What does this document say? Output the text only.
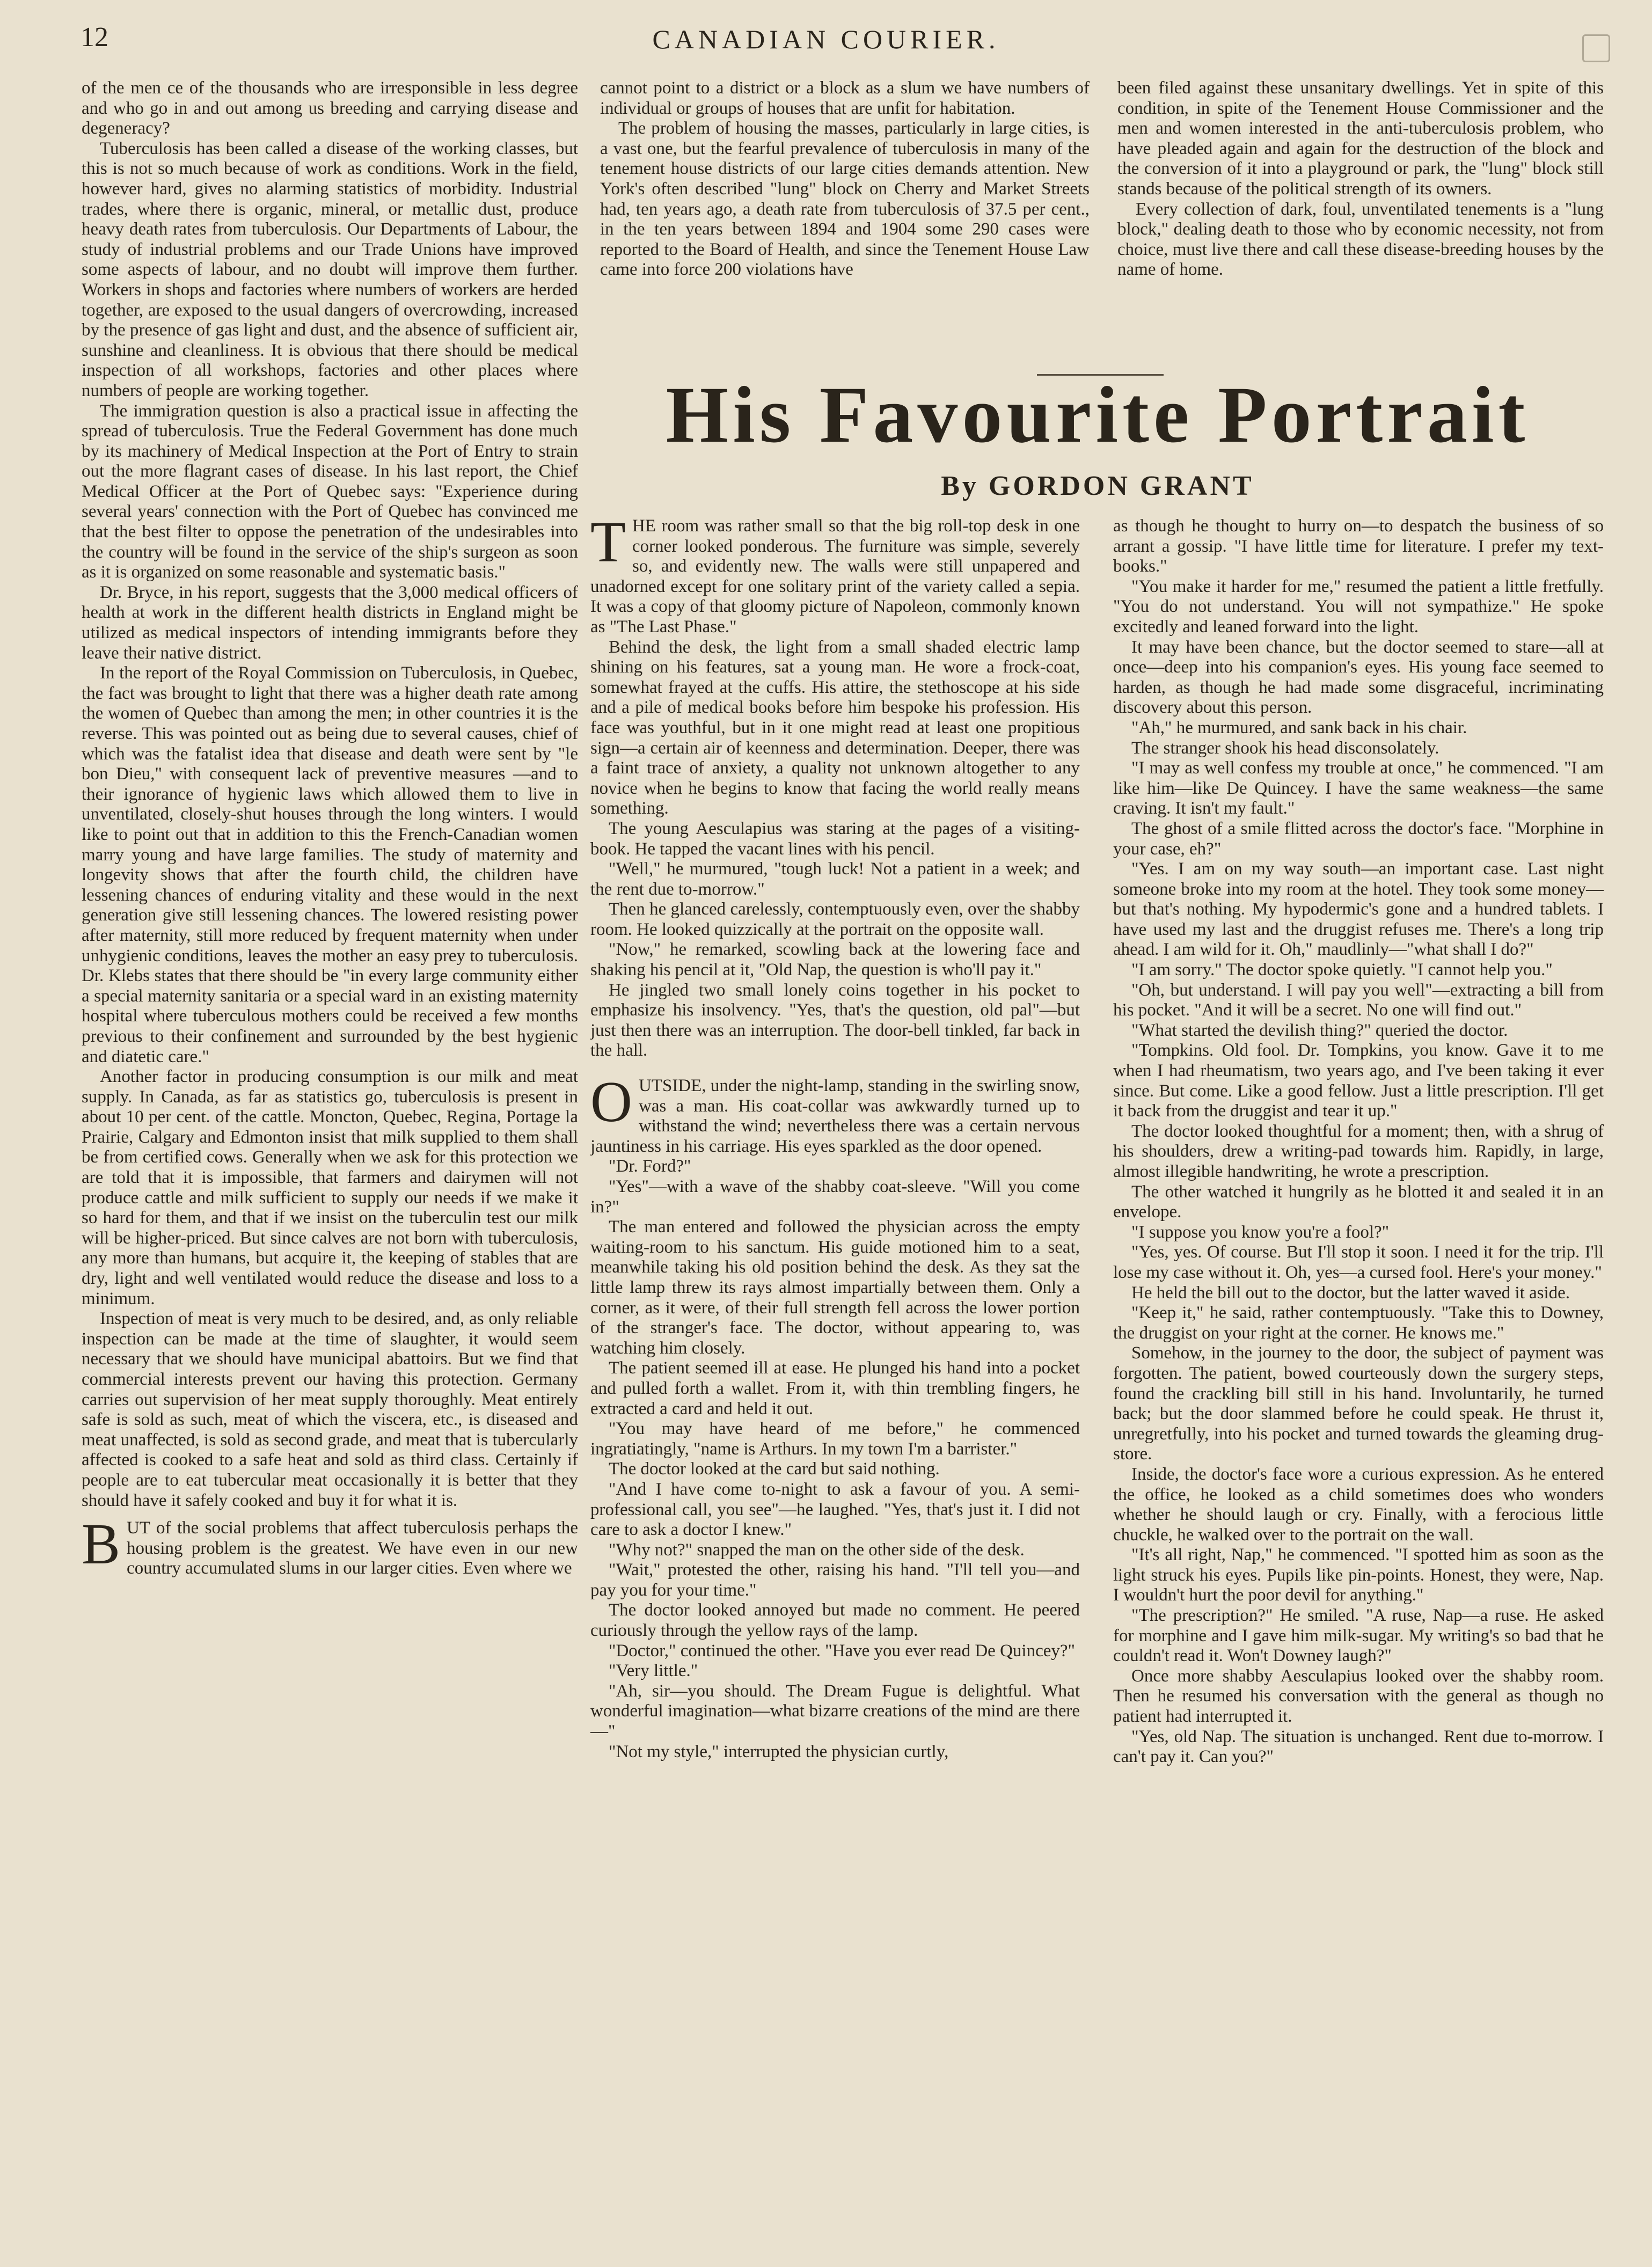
12	CANADIAN COURIER.

of the men ce of the thousands who are irresponsible in less degree and who go in and out among us breeding and carrying disease and degeneracy?

Tuberculosis has been called a disease of the working classes, but this is not so much because of work as conditions. Work in the field, however hard, gives no alarming statistics of morbidity. Industrial trades, where there is organic, mineral, or metallic dust, produce heavy death rates from tuberculosis. Our Departments of Labour, the study of industrial problems and our Trade Unions have improved some aspects of labour, and no doubt will improve them further. Workers in shops and factories where numbers of workers are herded together, are exposed to the usual dangers of overcrowding, increased by the presence of gas light and dust, and the absence of sufficient air, sunshine and cleanliness. It is obvious that there should be medical inspection of all workshops, factories and other places where numbers of people are working together.

The immigration question is also a practical issue in affecting the spread of tuberculosis. True the Federal Government has done much by its machinery of Medical Inspection at the Port of Entry to strain out the more flagrant cases of disease. In his last report, the Chief Medical Officer at the Port of Quebec says: "Experience during several years' connection with the Port of Quebec has convinced me that the best filter to oppose the penetration of the undesirables into the country will be found in the service of the ship's surgeon as soon as it is organized on some reasonable and systematic basis."

Dr. Bryce, in his report, suggests that the 3,000 medical officers of health at work in the different health districts in England might be utilized as medical inspectors of intending immigrants before they leave their native district.

In the report of the Royal Commission on Tuberculosis, in Quebec, the fact was brought to light that there was a higher death rate among the women of Quebec than among the men; in other countries it is the reverse. This was pointed out as being due to several causes, chief of which was the fatalist idea that disease and death were sent by "le bon Dieu," with consequent lack of preventive measures —and to their ignorance of hygienic laws which allowed them to live in unventilated, closely-shut houses through the long winters. I would like to point out that in addition to this the French-Canadian women marry young and have large families. The study of maternity and longevity shows that after the fourth child, the children have lessening chances of enduring vitality and these would in the next generation give still lessening chances. The lowered resisting power after maternity, still more reduced by frequent maternity when under unhygienic conditions, leaves the mother an easy prey to tuberculosis. Dr. Klebs states that there should be "in every large community either a special maternity sanitaria or a special ward in an existing maternity hospital where tuberculous mothers could be received a few months previous to their confinement and surrounded by the best hygienic and diatetic care."

Another factor in producing consumption is our milk and meat supply. In Canada, as far as statistics go, tuberculosis is present in about 10 per cent. of the cattle. Moncton, Quebec, Regina, Portage la Prairie, Calgary and Edmonton insist that milk supplied to them shall be from certified cows. Generally when we ask for this protection we are told that it is impossible, that farmers and dairymen will not produce cattle and milk sufficient to supply our needs if we make it so hard for them, and that if we insist on the tuberculin test our milk will be higher-priced. But since calves are not born with tuberculosis, any more than humans, but acquire it, the keeping of stables that are dry, light and well ventilated would reduce the disease and loss to a minimum.

Inspection of meat is very much to be desired, and, as only reliable inspection can be made at the time of slaughter, it would seem necessary that we should have municipal abattoirs. But we find that commercial interests prevent our having this protection. Germany carries out supervision of her meat supply thoroughly. Meat entirely safe is sold as such, meat of which the viscera, etc., is diseased and meat unaffected, is sold as second grade, and meat that is tubercularly affected is cooked to a safe heat and sold as third class. Certainly if people are to eat tubercular meat occasionally it is better that they should have it safely cooked and buy it for what it is.

BUT of the social problems that affect tuberculosis perhaps the housing problem is the greatest. We have even in our new country accumulated slums in our larger cities. Even where we

cannot point to a district or a block as a slum we have numbers of individual or groups of houses that are unfit for habitation.

The problem of housing the masses, particularly in large cities, is a vast one, but the fearful prevalence of tuberculosis in many of the tenement house districts of our large cities demands attention. New York's often described "lung" block on Cherry and Market Streets had, ten years ago, a death rate from tuberculosis of 37.5 per cent., in the ten years between 1894 and 1904 some 290 cases were reported to the Board of Health, and since the Tenement House Law came into force 200 violations have

been filed against these unsanitary dwellings. Yet in spite of this condition, in spite of the Tenement House Commissioner and the men and women interested in the anti-tuberculosis problem, who have pleaded again and again for the destruction of the block and the conversion of it into a playground or park, the "lung" block still stands because of the political strength of its owners.

Every collection of dark, foul, unventilated tenements is a "lung block," dealing death to those who by economic necessity, not from choice, must live there and call these disease-breeding houses by the name of home.

His Favourite Portrait
By GORDON GRANT

THE room was rather small so that the big roll-top desk in one corner looked ponderous. The furniture was simple, severely so, and evidently new. The walls were still unpapered and unadorned except for one solitary print of the variety called a sepia. It was a copy of that gloomy picture of Napoleon, commonly known as "The Last Phase."

Behind the desk, the light from a small shaded electric lamp shining on his features, sat a young man. He wore a frock-coat, somewhat frayed at the cuffs. His attire, the stethoscope at his side and a pile of medical books before him bespoke his profession. His face was youthful, but in it one might read at least one propitious sign—a certain air of keenness and determination. Deeper, there was a faint trace of anxiety, a quality not unknown altogether to any novice when he begins to know that facing the world really means something.

The young Aesculapius was staring at the pages of a visiting-book. He tapped the vacant lines with his pencil.

"Well," he murmured, "tough luck! Not a patient in a week; and the rent due to-morrow."

Then he glanced carelessly, contemptuously even, over the shabby room. He looked quizzically at the portrait on the opposite wall.

"Now," he remarked, scowling back at the lowering face and shaking his pencil at it, "Old Nap, the question is who'll pay it."

He jingled two small lonely coins together in his pocket to emphasize his insolvency. "Yes, that's the question, old pal"—but just then there was an interruption. The door-bell tinkled, far back in the hall.

OUTSIDE, under the night-lamp, standing in the swirling snow, was a man. His coat-collar was awkwardly turned up to withstand the wind; nevertheless there was a certain nervous jauntiness in his carriage. His eyes sparkled as the door opened.

"Dr. Ford?"

"Yes"—with a wave of the shabby coat-sleeve. "Will you come in?"

The man entered and followed the physician across the empty waiting-room to his sanctum. His guide motioned him to a seat, meanwhile taking his old position behind the desk. As they sat the little lamp threw its rays almost impartially between them. Only a corner, as it were, of their full strength fell across the lower portion of the stranger's face. The doctor, without appearing to, was watching him closely.

The patient seemed ill at ease. He plunged his hand into a pocket and pulled forth a wallet. From it, with thin trembling fingers, he extracted a card and held it out.

"You may have heard of me before," he commenced ingratiatingly, "name is Arthurs. In my town I'm a barrister."

The doctor looked at the card but said nothing.

"And I have come to-night to ask a favour of you. A semi-professional call, you see"—he laughed. "Yes, that's just it. I did not care to ask a doctor I knew."

"Why not?" snapped the man on the other side of the desk.

"Wait," protested the other, raising his hand. "I'll tell you—and pay you for your time."

The doctor looked annoyed but made no comment. He peered curiously through the yellow rays of the lamp.

"Doctor," continued the other. "Have you ever read De Quincey?"

"Very little."

"Ah, sir—you should. The Dream Fugue is delightful. What wonderful imagination—what bizarre creations of the mind are there—"

"Not my style," interrupted the physician curtly,

as though he thought to hurry on—to despatch the business of so arrant a gossip. "I have little time for literature. I prefer my text-books."

"You make it harder for me," resumed the patient a little fretfully. "You do not understand. You will not sympathize." He spoke excitedly and leaned forward into the light.

It may have been chance, but the doctor seemed to stare—all at once—deep into his companion's eyes. His young face seemed to harden, as though he had made some disgraceful, incriminating discovery about this person.

"Ah," he murmured, and sank back in his chair.

The stranger shook his head disconsolately.

"I may as well confess my trouble at once," he commenced. "I am like him—like De Quincey. I have the same weakness—the same craving. It isn't my fault."

The ghost of a smile flitted across the doctor's face. "Morphine in your case, eh?"

"Yes. I am on my way south—an important case. Last night someone broke into my room at the hotel. They took some money—but that's nothing. My hypodermic's gone and a hundred tablets. I have used my last and the druggist refuses me. There's a long trip ahead. I am wild for it. Oh," maudlinly—"what shall I do?"

"I am sorry." The doctor spoke quietly. "I cannot help you."

"Oh, but understand. I will pay you well"—extracting a bill from his pocket. "And it will be a secret. No one will find out."

"What started the devilish thing?" queried the doctor.

"Tompkins. Old fool. Dr. Tompkins, you know. Gave it to me when I had rheumatism, two years ago, and I've been taking it ever since. But come. Like a good fellow. Just a little prescription. I'll get it back from the druggist and tear it up."

The doctor looked thoughtful for a moment; then, with a shrug of his shoulders, drew a writing-pad towards him. Rapidly, in large, almost illegible handwriting, he wrote a prescription.

The other watched it hungrily as he blotted it and sealed it in an envelope.

"I suppose you know you're a fool?"

"Yes, yes. Of course. But I'll stop it soon. I need it for the trip. I'll lose my case without it. Oh, yes—a cursed fool. Here's your money."

He held the bill out to the doctor, but the latter waved it aside.

"Keep it," he said, rather contemptuously. "Take this to Downey, the druggist on your right at the corner. He knows me."

Somehow, in the journey to the door, the subject of payment was forgotten. The patient, bowed courteously down the surgery steps, found the crackling bill still in his hand. Involuntarily, he turned back; but the door slammed before he could speak. He thrust it, unregretfully, into his pocket and turned towards the gleaming drug-store.

Inside, the doctor's face wore a curious expression. As he entered the office, he looked as a child sometimes does who wonders whether he should laugh or cry. Finally, with a ferocious little chuckle, he walked over to the portrait on the wall.

"It's all right, Nap," he commenced. "I spotted him as soon as the light struck his eyes. Pupils like pin-points. Honest, they were, Nap. I wouldn't hurt the poor devil for anything."

"The prescription?" He smiled. "A ruse, Nap—a ruse. He asked for morphine and I gave him milk-sugar. My writing's so bad that he couldn't read it. Won't Downey laugh?"

Once more shabby Aesculapius looked over the shabby room. Then he resumed his conversation with the general as though no patient had interrupted it.

"Yes, old Nap. The situation is unchanged. Rent due to-morrow. I can't pay it. Can you?"
